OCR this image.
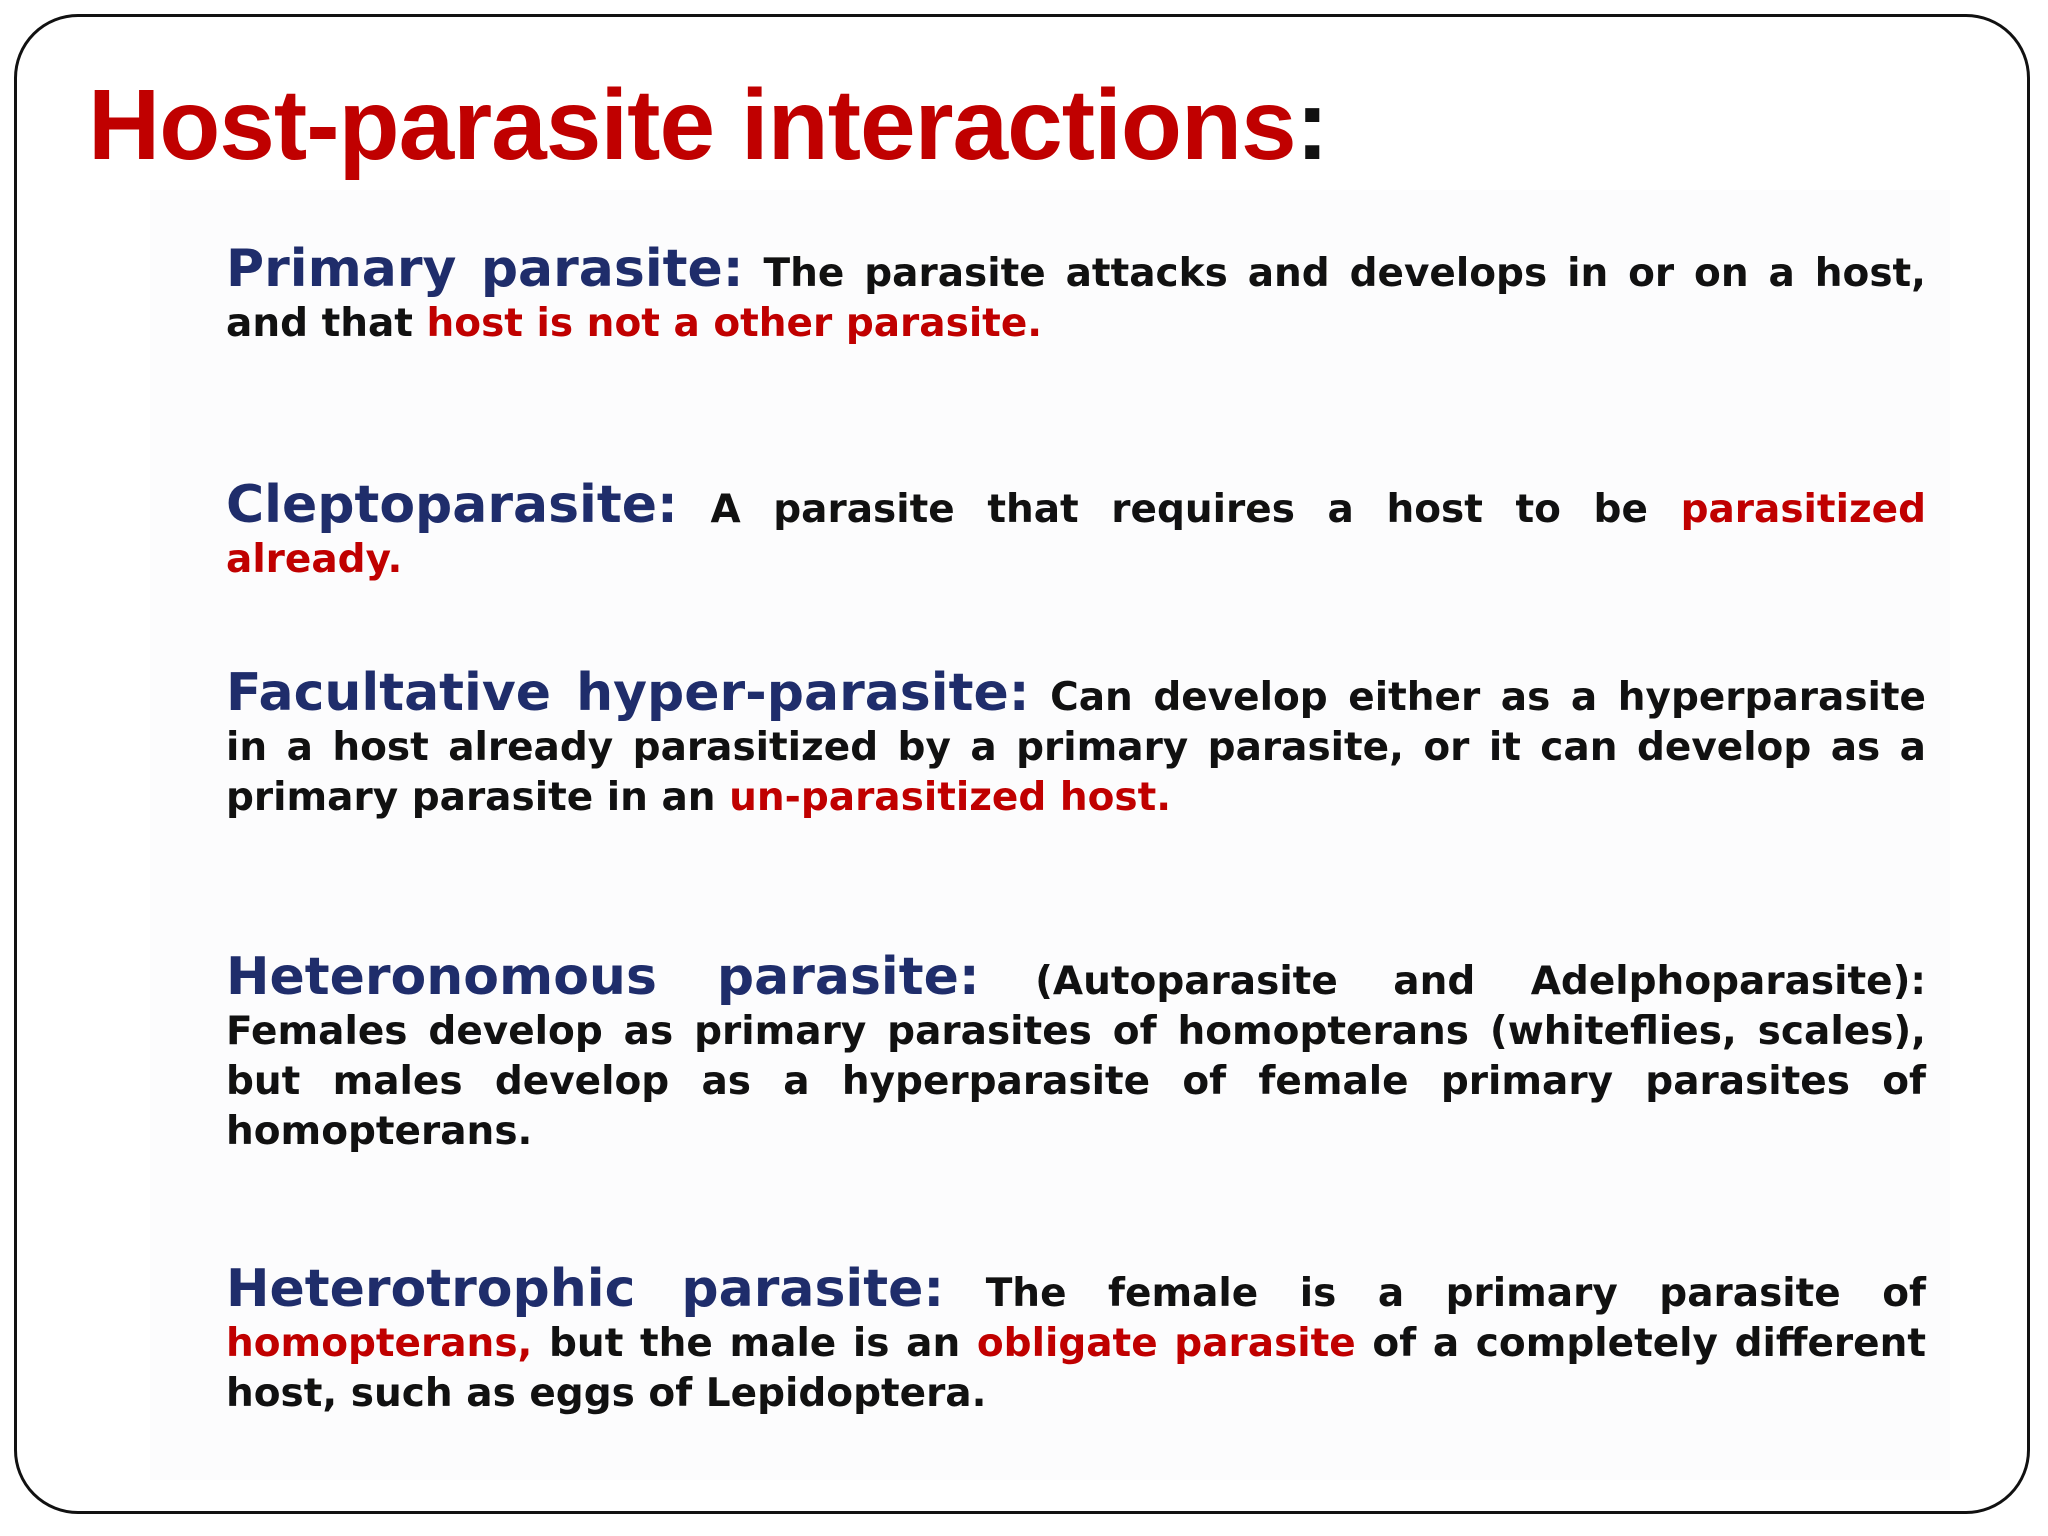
Host-parasite interactions:

Primary parasite: The parasite attacks and develops in or on a host, and that host is not a other parasite.

Cleptoparasite: A parasite that requires a host to be parasitized already.

Facultative hyper-parasite: Can develop either as a hyperparasite in a host already parasitized by a primary parasite, or it can develop as a primary parasite in an un-parasitized host.

Heteronomous parasite: (Autoparasite and Adelphoparasite): Females develop as primary parasites of homopterans (whiteflies, scales), but males develop as a hyperparasite of female primary parasites of homopterans.

Heterotrophic parasite: The female is a primary parasite of homopterans, but the male is an obligate parasite of a completely different host, such as eggs of Lepidoptera.
